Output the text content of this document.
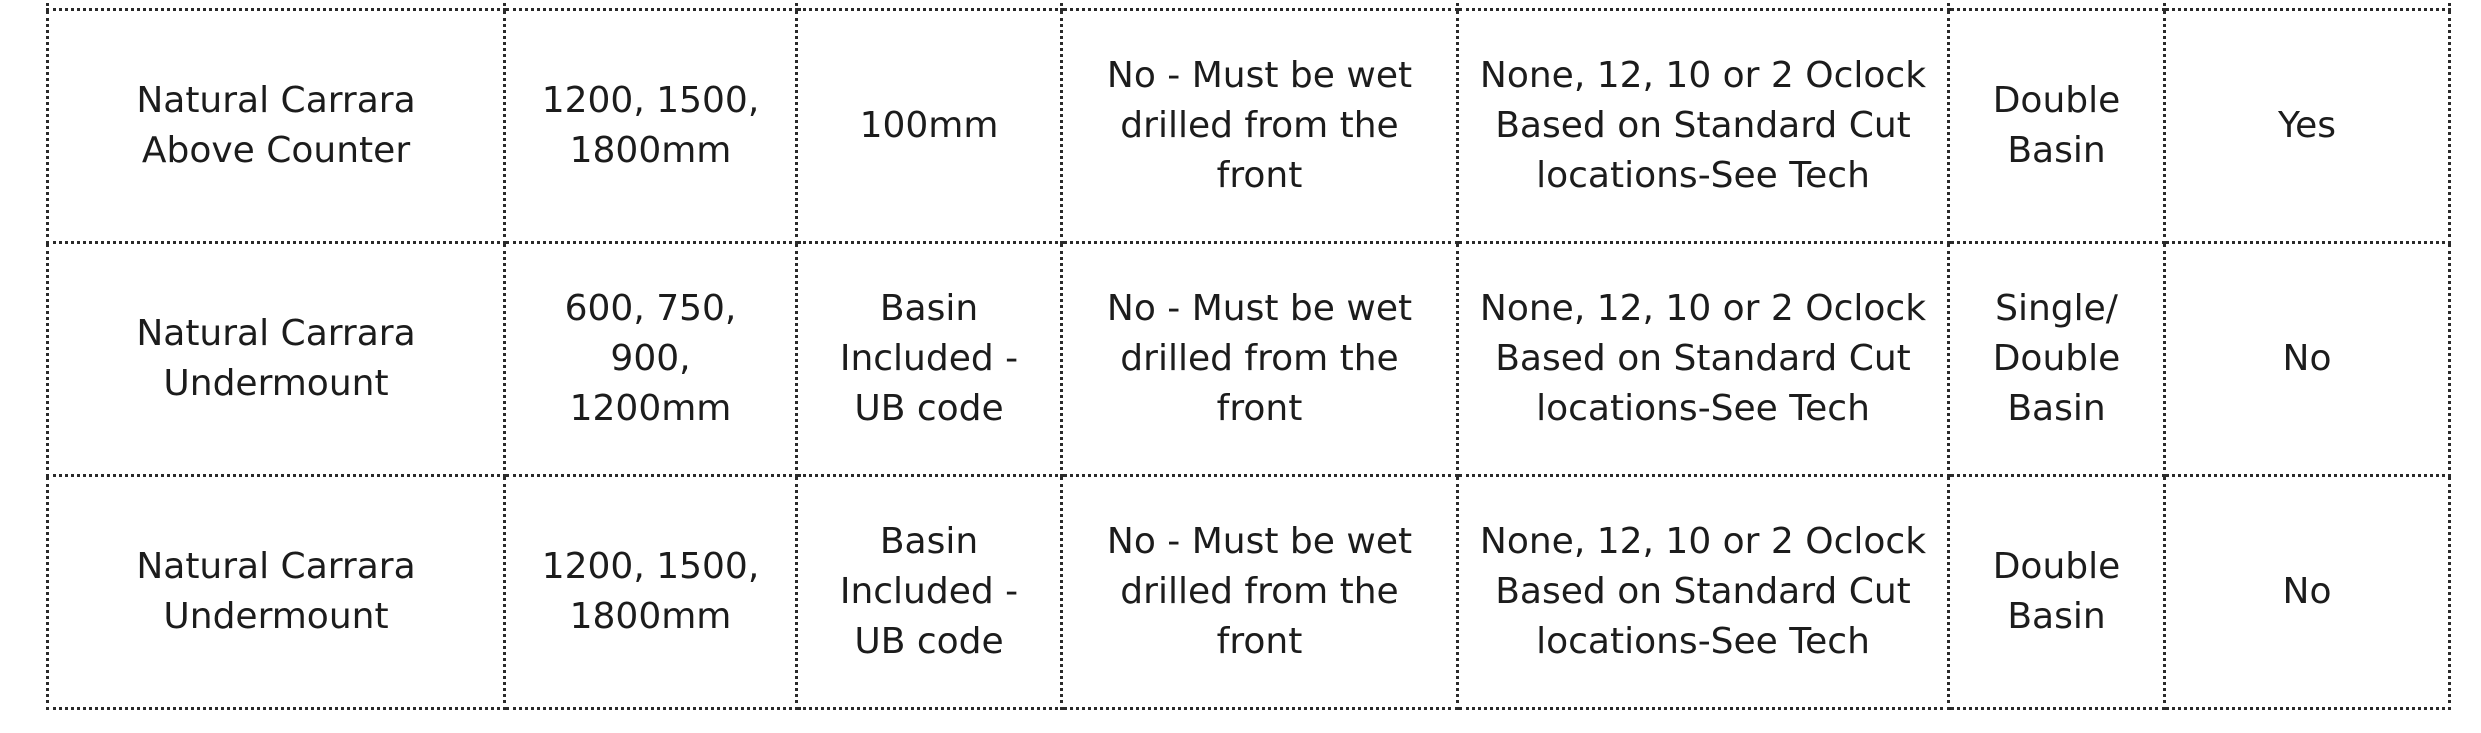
Natural Carrara
Above Counter	1200, 1500,
1800mm	100mm	No - Must be wet
drilled from the
front	None, 12, 10 or 2 Oclock
Based on Standard Cut
locations-See Tech	Double
Basin	Yes
Natural Carrara
Undermount	600, 750,
900,
1200mm	Basin
Included -
UB code	No - Must be wet
drilled from the
front	None, 12, 10 or 2 Oclock
Based on Standard Cut
locations-See Tech	Single/
Double
Basin	No
Natural Carrara
Undermount	1200, 1500,
1800mm	Basin
Included -
UB code	No - Must be wet
drilled from the
front	None, 12, 10 or 2 Oclock
Based on Standard Cut
locations-See Tech	Double
Basin	No
